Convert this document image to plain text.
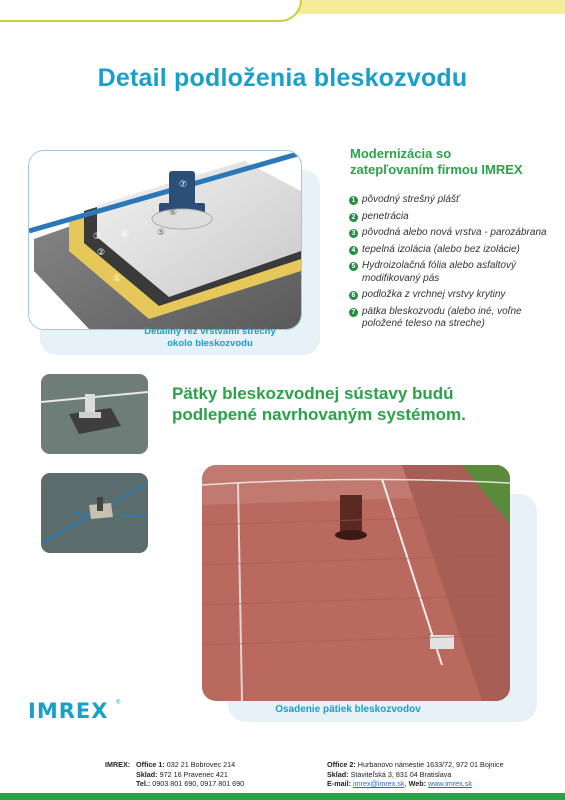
Detail podloženia bleskozvodu
①
②
③ ④	⑤
⑥
⑦
Detailný rez vrstvami strechy
okolo bleskozvodu
Modernizácia so
zatepľovaním firmou IMREX
1 pôvodný strešný plášť
2 penetrácia
3 pôvodná alebo nová vrstva - parozábrana
4 tepelná izolácia (alebo bez izolácie)
5 Hydroizolačná fólia alebo asfaltový modifikovaný pás
6 podložka z vrchnej vrstvy krytiny
7 pätka bleskozvodu (alebo iné, voľne položené teleso na streche)
Pätky bleskozvodnej sústavy budú
podlepené navrhovaným systémom.
Osadenie pätiek bleskozvodov
IMREX ®
IMREX: Office 1: 032 21 Bobrovec 214
Sklad: 972 16 Pravenec 421
Tel.: 0903 801 690, 0917 801 690
Office 2: Hurbanovo námestie 1633/72, 972 01 Bojnice
Sklad: Staviteľská 3, 831 04 Bratislava
E-mail: imrex@imrex.sk, Web: www.imrex.sk
